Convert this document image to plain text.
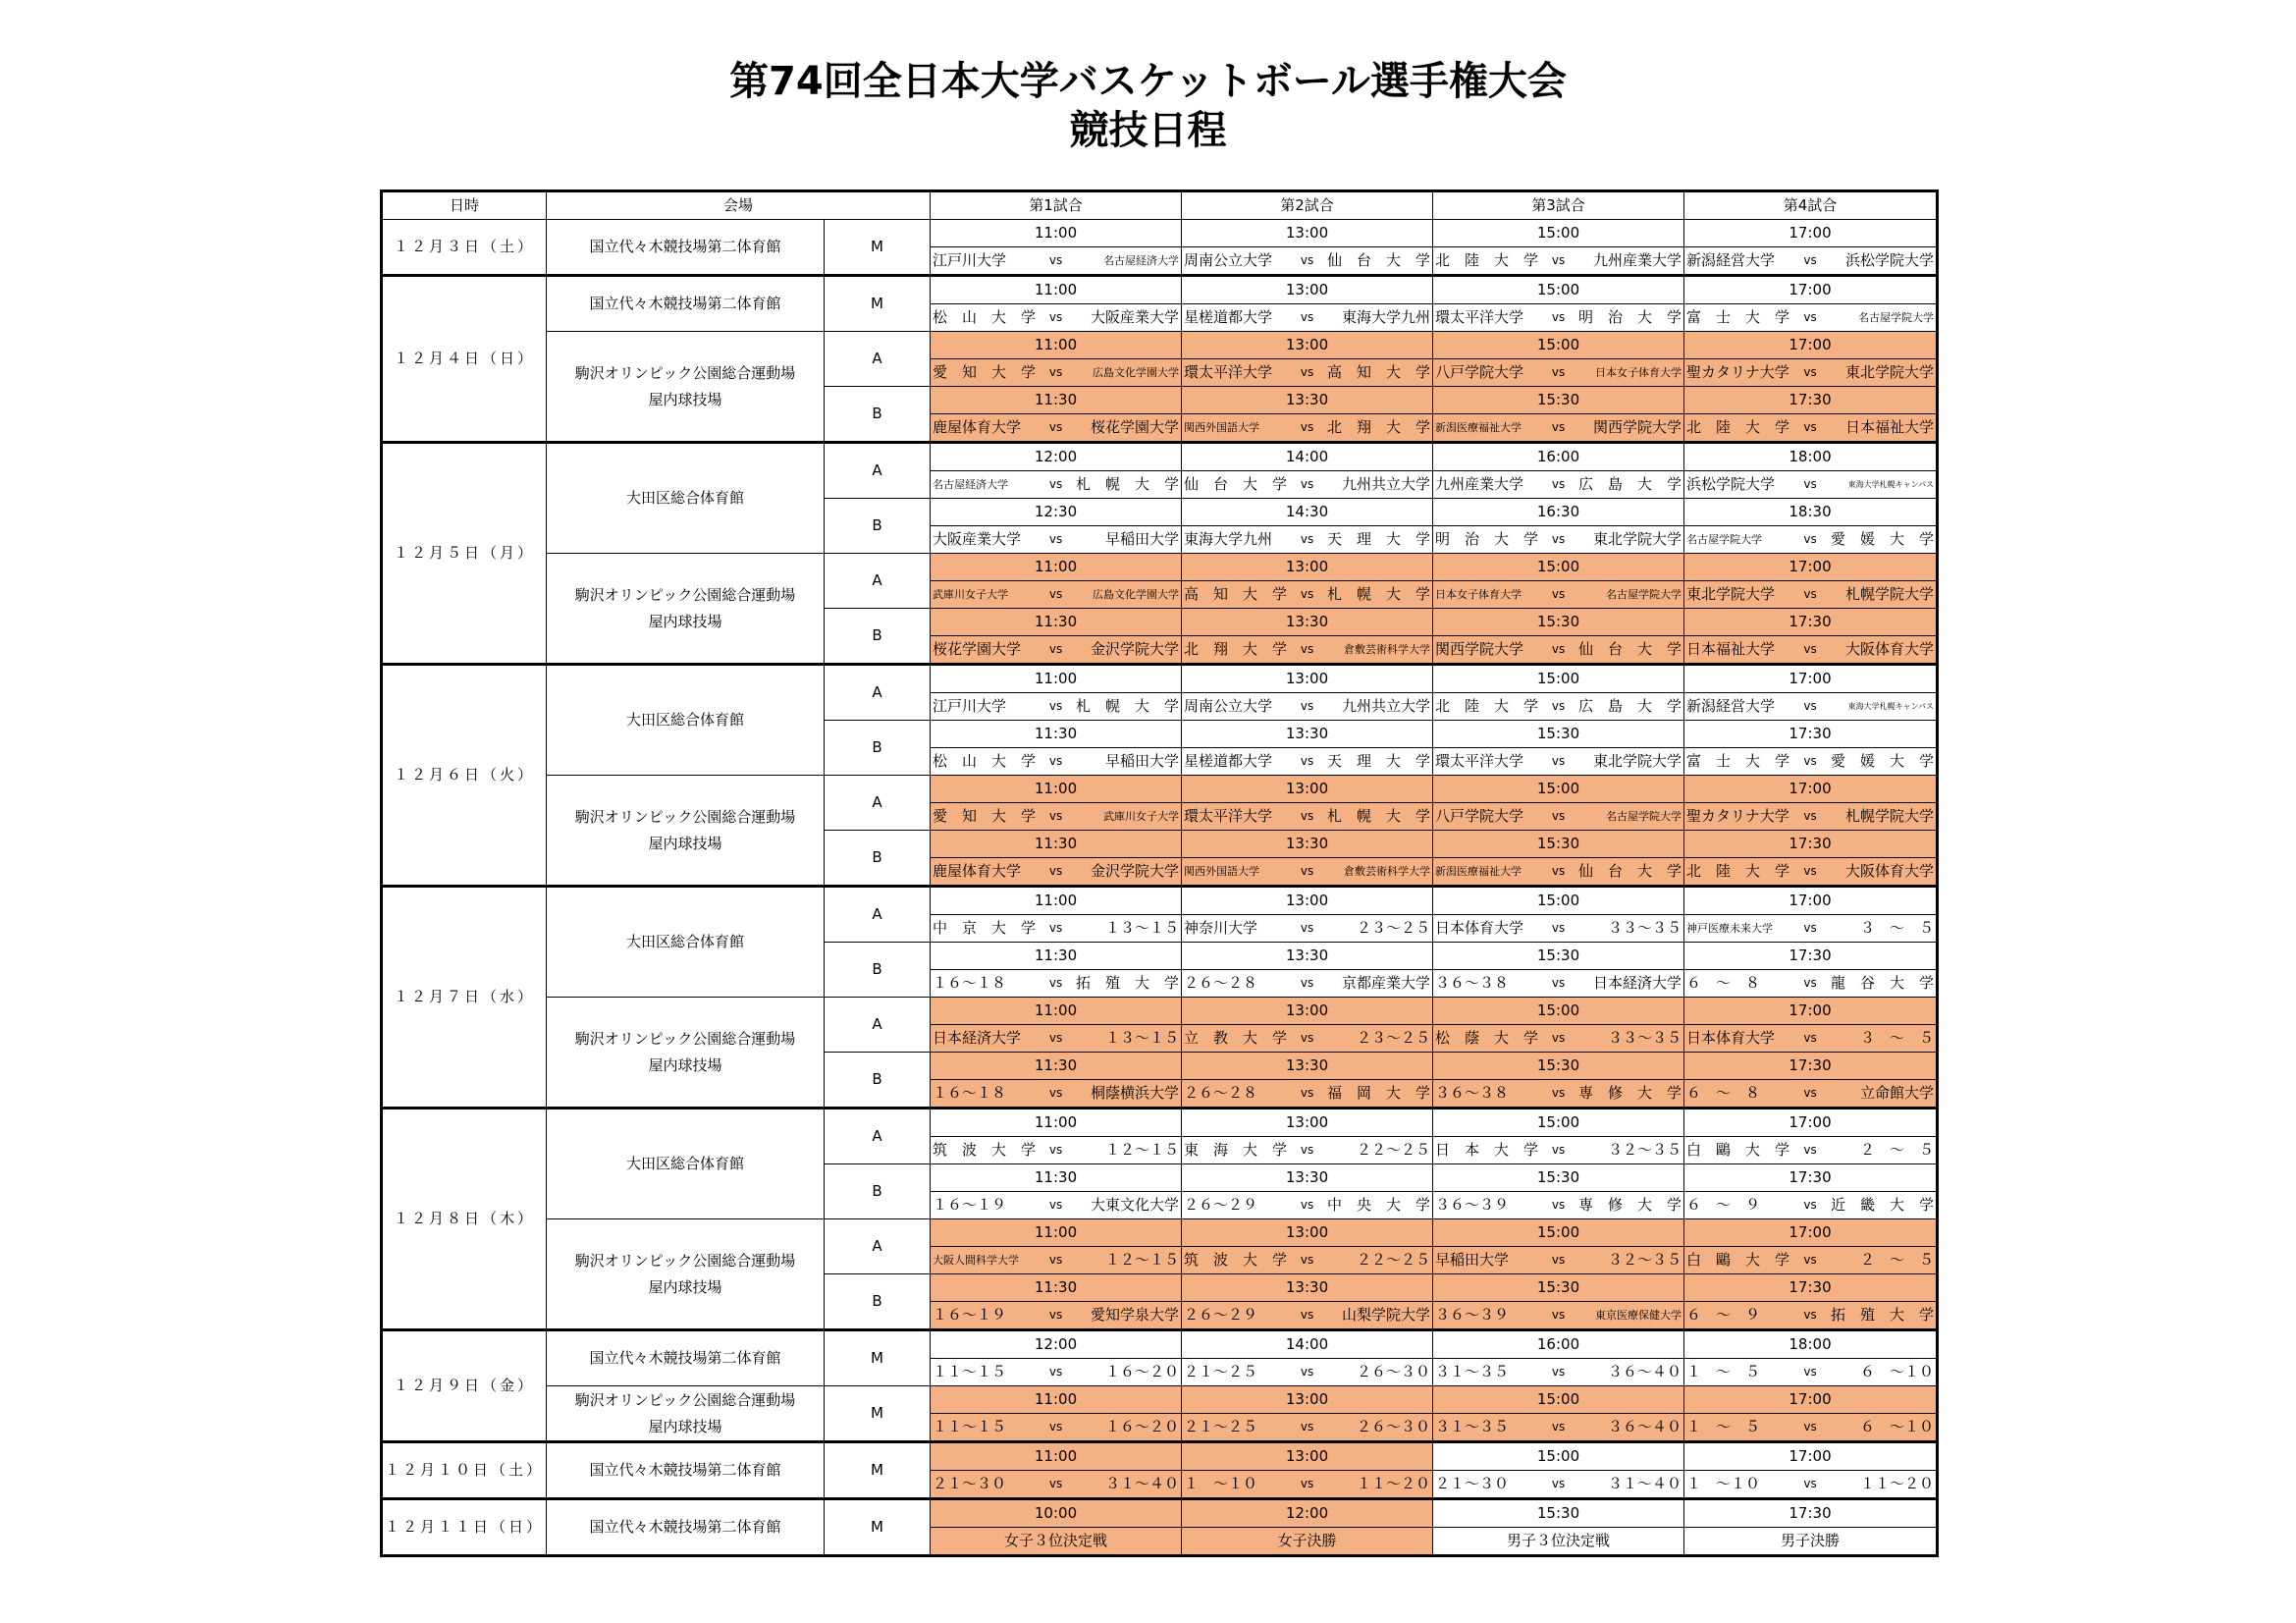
第74回全日本大学バスケットボール選手権大会
競技日程
日時	会場		第1試合	第2試合	第3試合	第4試合
１２月３日（土）	国立代々木競技場第二体育館	M	11:00	13:00	15:00	17:00

			江戸川大学 vs 名古屋経済大学	周南公立大学 vs 仙　台　大　学	北　陸　大　学 vs 九州産業大学	新潟経営大学 vs 浜松学院大学

１２月４日（日）	国立代々木競技場第二体育館	M	11:00	13:00	15:00	17:00

			松　山　大　学 vs 大阪産業大学	星槎道都大学 vs 東海大学九州	環太平洋大学 vs 明　治　大　学	富　士　大　学 vs 名古屋学院大学

	駒沢オリンピック公園総合運動場
屋内球技場	A	11:00	13:00	15:00	17:00

			愛　知　大　学 vs 広島文化学園大学	環太平洋大学 vs 高　知　大　学	八戸学院大学 vs 日本女子体育大学	聖カタリナ大学 vs 東北学院大学

		B	11:30	13:30	15:30	17:30

			鹿屋体育大学 vs 桜花学園大学	関西外国語大学 vs 北　翔　大　学	新潟医療福祉大学 vs 関西学院大学	北　陸　大　学 vs 日本福祉大学

１２月５日（月）	大田区総合体育館	A	12:00	14:00	16:00	18:00

			名古屋経済大学 vs 札　幌　大　学	仙　台　大　学 vs 九州共立大学	九州産業大学 vs 広　島　大　学	浜松学院大学 vs 東海大学札幌キャンパス

		B	12:30	14:30	16:30	18:30

			大阪産業大学 vs 早稲田大学	東海大学九州 vs 天　理　大　学	明　治　大　学 vs 東北学院大学	名古屋学院大学 vs 愛　媛　大　学

	駒沢オリンピック公園総合運動場
屋内球技場	A	11:00	13:00	15:00	17:00

			武庫川女子大学 vs 広島文化学園大学	高　知　大　学 vs 札　幌　大　学	日本女子体育大学 vs 名古屋学院大学	東北学院大学 vs 札幌学院大学

		B	11:30	13:30	15:30	17:30

			桜花学園大学 vs 金沢学院大学	北　翔　大　学 vs 倉敷芸術科学大学	関西学院大学 vs 仙　台　大　学	日本福祉大学 vs 大阪体育大学

１２月６日（火）	大田区総合体育館	A	11:00	13:00	15:00	17:00

			江戸川大学 vs 札　幌　大　学	周南公立大学 vs 九州共立大学	北　陸　大　学 vs 広　島　大　学	新潟経営大学 vs 東海大学札幌キャンパス

		B	11:30	13:30	15:30	17:30

			松　山　大　学 vs 早稲田大学	星槎道都大学 vs 天　理　大　学	環太平洋大学 vs 東北学院大学	富　士　大　学 vs 愛　媛　大　学

	駒沢オリンピック公園総合運動場
屋内球技場	A	11:00	13:00	15:00	17:00

			愛　知　大　学 vs 武庫川女子大学	環太平洋大学 vs 札　幌　大　学	八戸学院大学 vs 名古屋学院大学	聖カタリナ大学 vs 札幌学院大学

		B	11:30	13:30	15:30	17:30

			鹿屋体育大学 vs 金沢学院大学	関西外国語大学 vs 倉敷芸術科学大学	新潟医療福祉大学 vs 仙　台　大　学	北　陸　大　学 vs 大阪体育大学

１２月７日（水）	大田区総合体育館	A	11:00	13:00	15:00	17:00

			中　京　大　学 vs １３～１５	神奈川大学 vs ２３～２５	日本体育大学 vs ３３～３５	神戸医療未来大学 vs ３　～　５

		B	11:30	13:30	15:30	17:30

			１６～１８ vs 拓　殖　大　学	２６～２８ vs 京都産業大学	３６～３８ vs 日本経済大学	６　～　８ vs 龍　谷　大　学

	駒沢オリンピック公園総合運動場
屋内球技場	A	11:00	13:00	15:00	17:00

			日本経済大学 vs １３～１５	立　教　大　学 vs ２３～２５	松　蔭　大　学 vs ３３～３５	日本体育大学 vs ３　～　５

		B	11:30	13:30	15:30	17:30

			１６～１８ vs 桐蔭横浜大学	２６～２８ vs 福　岡　大　学	３６～３８ vs 専　修　大　学	６　～　８ vs 立命館大学

１２月８日（木）	大田区総合体育館	A	11:00	13:00	15:00	17:00

			筑　波　大　学 vs １２～１５	東　海　大　学 vs ２２～２５	日　本　大　学 vs ３２～３５	白　鷗　大　学 vs ２　～　５

		B	11:30	13:30	15:30	17:30

			１６～１９ vs 大東文化大学	２６～２９ vs 中　央　大　学	３６～３９ vs 専　修　大　学	６　～　９ vs 近　畿　大　学

	駒沢オリンピック公園総合運動場
屋内球技場	A	11:00	13:00	15:00	17:00

			大阪人間科学大学 vs １２～１５	筑　波　大　学 vs ２２～２５	早稲田大学 vs ３２～３５	白　鷗　大　学 vs ２　～　５

		B	11:30	13:30	15:30	17:30

			１６～１９ vs 愛知学泉大学	２６～２９ vs 山梨学院大学	３６～３９ vs 東京医療保健大学	６　～　９ vs 拓　殖　大　学

１２月９日（金）	国立代々木競技場第二体育館	M	12:00	14:00	16:00	18:00

			１１～１５ vs １６～２０	２１～２５ vs ２６～３０	３１～３５ vs ３６～４０	１　～　５ vs ６　～１０

	駒沢オリンピック公園総合運動場
屋内球技場	M	11:00	13:00	15:00	17:00

			１１～１５ vs １６～２０	２１～２５ vs ２６～３０	３１～３５ vs ３６～４０	１　～　５ vs ６　～１０

１２月１０日（土）	国立代々木競技場第二体育館	M	11:00	13:00	15:00	17:00

			２１～３０ vs ３１～４０	１　～１０ vs １１～２０	２１～３０ vs ３１～４０	１　～１０ vs １１～２０

１２月１１日（日）	国立代々木競技場第二体育館	M	10:00	12:00	15:30	17:30

			女子３位決定戦	女子決勝	男子３位決定戦	男子決勝
